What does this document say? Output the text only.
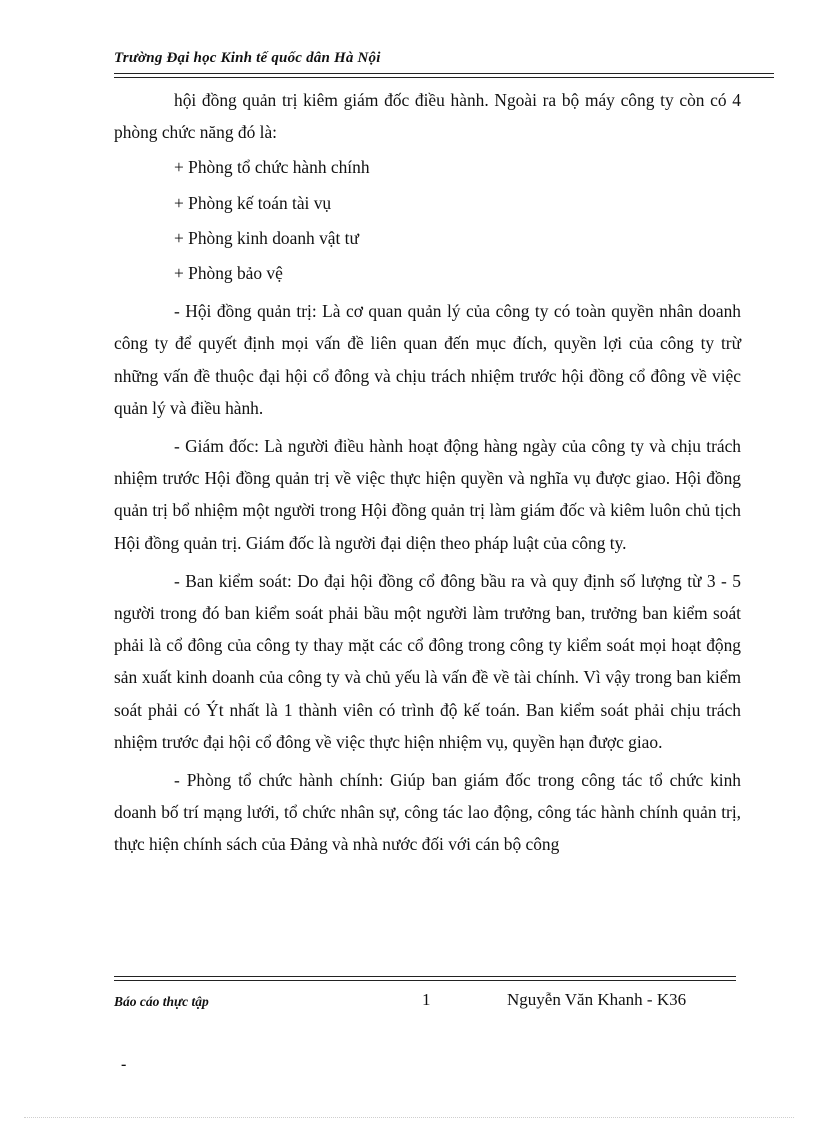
Trường Đại học Kinh tế quốc dân Hà Nội

hội đồng quản trị kiêm giám đốc điều hành. Ngoài ra bộ máy công ty còn có 4 phòng chức năng đó là:

+ Phòng tổ chức hành chính

+ Phòng kế toán tài vụ

+ Phòng kinh doanh vật tư

+ Phòng bảo vệ

- Hội đồng quản trị: Là cơ quan quản lý của công ty có toàn quyền nhân doanh công ty để quyết định mọi vấn đề liên quan đến mục đích, quyền lợi của công ty trừ những vấn đề thuộc đại hội cổ đông và chịu trách nhiệm trước hội đồng cổ đông về việc quản lý và điều hành.

- Giám đốc: Là người điều hành hoạt động hàng ngày của công ty và chịu trách nhiệm trước Hội đồng quản trị về việc thực hiện quyền và nghĩa vụ được giao. Hội đồng quản trị bổ nhiệm một người trong Hội đồng quản trị làm giám đốc và kiêm luôn chủ tịch Hội đồng quản trị. Giám đốc là người đại diện theo pháp luật của công ty.

- Ban kiểm soát: Do đại hội đồng cổ đông bầu ra và quy định số lượng từ 3 - 5 người trong đó ban kiểm soát phải bầu một người làm trưởng ban, trưởng ban kiểm soát phải là cổ đông của công ty thay mặt các cổ đông trong công ty kiểm soát mọi hoạt động sản xuất kinh doanh của công ty và chủ yếu là vấn đề về tài chính. Vì vậy trong ban kiểm soát phải có Ýt nhất là 1 thành viên có trình độ kế toán. Ban kiểm soát phải chịu trách nhiệm trước đại hội cổ đông về việc thực hiện nhiệm vụ, quyền hạn được giao.

- Phòng tổ chức hành chính: Giúp ban giám đốc trong công tác tổ chức kinh doanh bố trí mạng lưới, tổ chức nhân sự, công tác lao động, công tác hành chính quản trị, thực hiện chính sách của Đảng và nhà nước đối với cán bộ công

Báo cáo thực tập	1	Nguyễn Văn Khanh - K36
-
